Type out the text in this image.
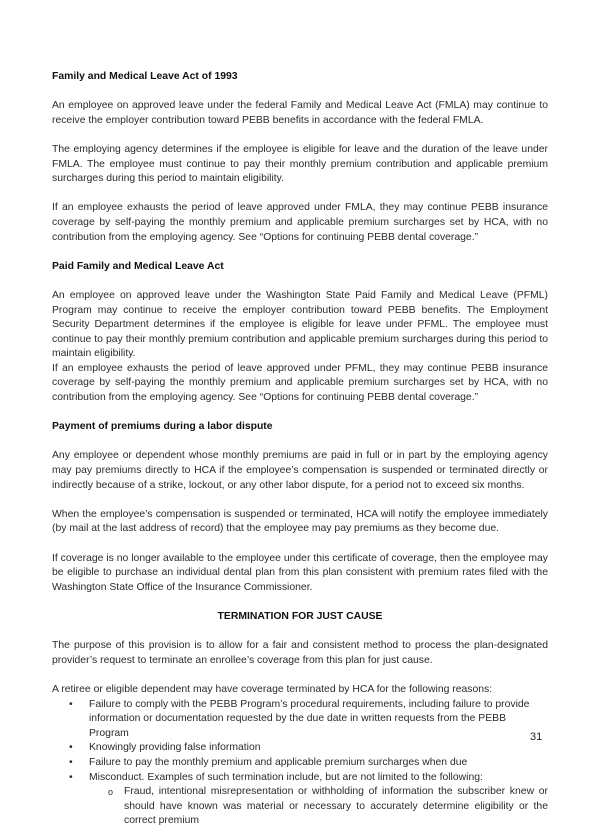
Family and Medical Leave Act of 1993

An employee on approved leave under the federal Family and Medical Leave Act (FMLA) may continue to receive the employer contribution toward PEBB benefits in accordance with the federal FMLA.

The employing agency determines if the employee is eligible for leave and the duration of the leave under FMLA. The employee must continue to pay their monthly premium contribution and applicable premium surcharges during this period to maintain eligibility.

If an employee exhausts the period of leave approved under FMLA, they may continue PEBB insurance coverage by self-paying the monthly premium and applicable premium surcharges set by HCA, with no contribution from the employing agency. See “Options for continuing PEBB dental coverage.”

Paid Family and Medical Leave Act

An employee on approved leave under the Washington State Paid Family and Medical Leave (PFML) Program may continue to receive the employer contribution toward PEBB benefits. The Employment Security Department determines if the employee is eligible for leave under PFML. The employee must continue to pay their monthly premium contribution and applicable premium surcharges during this period to maintain eligibility.

If an employee exhausts the period of leave approved under PFML, they may continue PEBB insurance coverage by self-paying the monthly premium and applicable premium surcharges set by HCA, with no contribution from the employing agency. See “Options for continuing PEBB dental coverage.”

Payment of premiums during a labor dispute

Any employee or dependent whose monthly premiums are paid in full or in part by the employing agency may pay premiums directly to HCA if the employee’s compensation is suspended or terminated directly or indirectly because of a strike, lockout, or any other labor dispute, for a period not to exceed six months.

When the employee’s compensation is suspended or terminated, HCA will notify the employee immediately (by mail at the last address of record) that the employee may pay premiums as they become due.

If coverage is no longer available to the employee under this certificate of coverage, then the employee may be eligible to purchase an individual dental plan from this plan consistent with premium rates filed with the Washington State Office of the Insurance Commissioner.

TERMINATION FOR JUST CAUSE

The purpose of this provision is to allow for a fair and consistent method to process the plan-designated provider’s request to terminate an enrollee’s coverage from this plan for just cause.

A retiree or eligible dependent may have coverage terminated by HCA for the following reasons:

• Failure to comply with the PEBB Program’s procedural requirements, including failure to provide information or documentation requested by the due date in written requests from the PEBB Program
• Knowingly providing false information
• Failure to pay the monthly premium and applicable premium surcharges when due
• Misconduct. Examples of such termination include, but are not limited to the following:
o Fraud, intentional misrepresentation or withholding of information the subscriber knew or should have known was material or necessary to accurately determine eligibility or the correct premium
31
